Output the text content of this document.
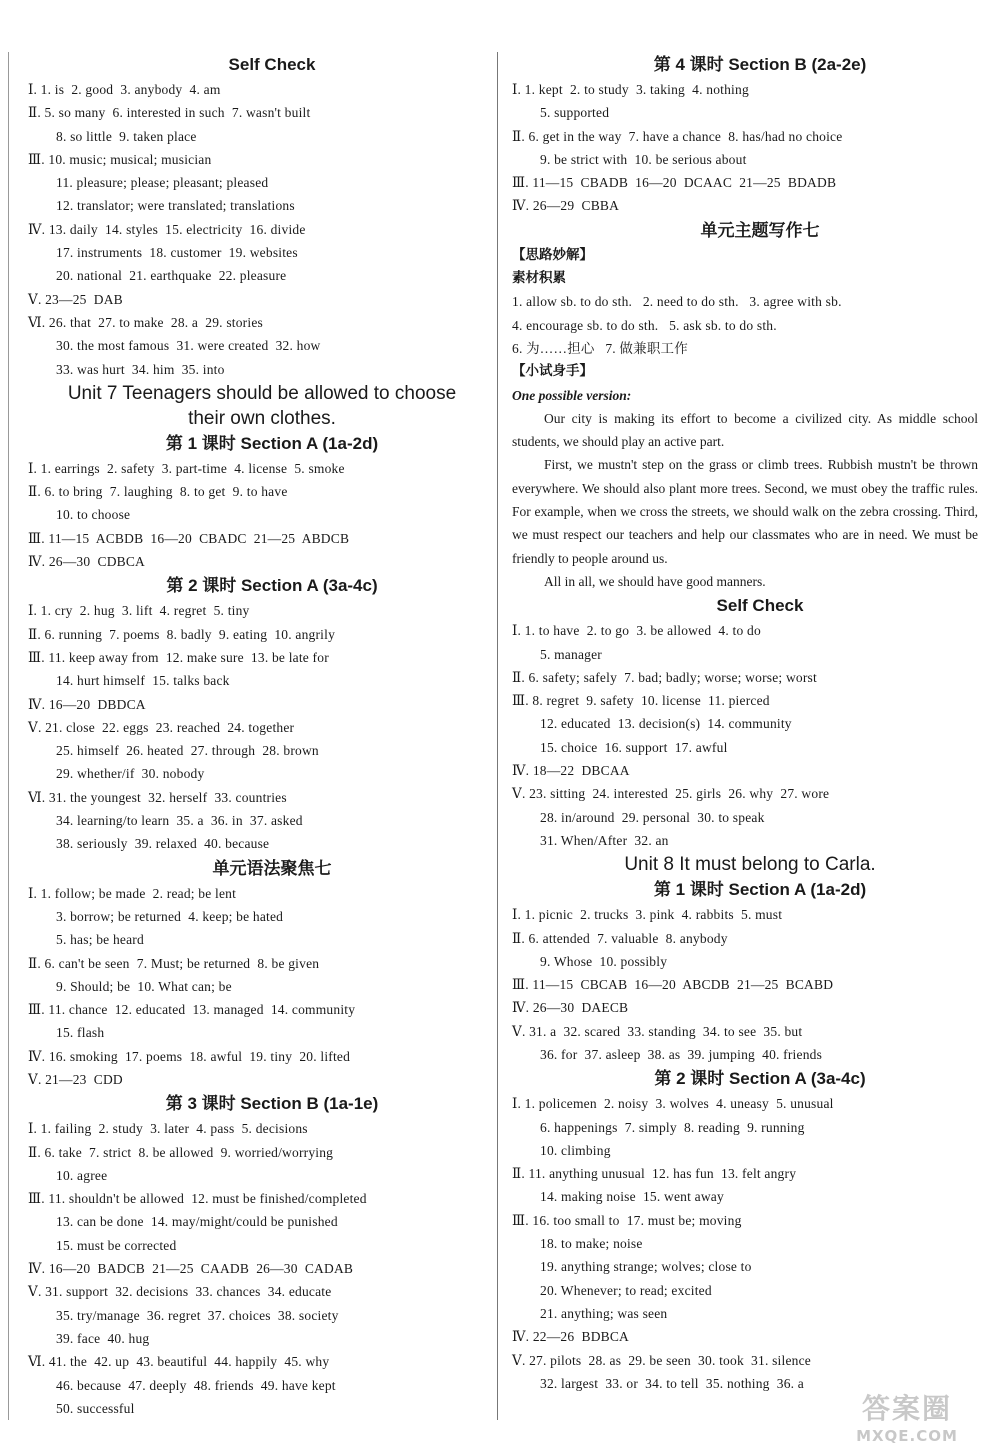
Self Check
Ⅰ. 1. is  2. good  3. anybody  4. am
Ⅱ. 5. so many  6. interested in such  7. wasn't built
8. so little  9. taken place
Ⅲ. 10. music; musical; musician
11. pleasure; please; pleasant; pleased
12. translator; were translated; translations
Ⅳ. 13. daily  14. styles  15. electricity  16. divide
17. instruments  18. customer  19. websites
20. national  21. earthquake  22. pleasure
Ⅴ. 23—25  DAB
Ⅵ. 26. that  27. to make  28. a  29. stories
30. the most famous  31. were created  32. how
33. was hurt  34. him  35. into
Unit 7 Teenagers should be allowed to choose
their own clothes.
第 1 课时 Section A (1a-2d)
Ⅰ. 1. earrings  2. safety  3. part-time  4. license  5. smoke
Ⅱ. 6. to bring  7. laughing  8. to get  9. to have
10. to choose
Ⅲ. 11—15  ACBDB  16—20  CBADC  21—25  ABDCB
Ⅳ. 26—30  CDBCA
第 2 课时 Section A (3a-4c)
Ⅰ. 1. cry  2. hug  3. lift  4. regret  5. tiny
Ⅱ. 6. running  7. poems  8. badly  9. eating  10. angrily
Ⅲ. 11. keep away from  12. make sure  13. be late for
14. hurt himself  15. talks back
Ⅳ. 16—20  DBDCA
Ⅴ. 21. close  22. eggs  23. reached  24. together
25. himself  26. heated  27. through  28. brown
29. whether/if  30. nobody
Ⅵ. 31. the youngest  32. herself  33. countries
34. learning/to learn  35. a  36. in  37. asked
38. seriously  39. relaxed  40. because
单元语法聚焦七
Ⅰ. 1. follow; be made  2. read; be lent
3. borrow; be returned  4. keep; be hated
5. has; be heard
Ⅱ. 6. can't be seen  7. Must; be returned  8. be given
9. Should; be  10. What can; be
Ⅲ. 11. chance  12. educated  13. managed  14. community
15. flash
Ⅳ. 16. smoking  17. poems  18. awful  19. tiny  20. lifted
Ⅴ. 21—23  CDD
第 3 课时 Section B (1a-1e)
Ⅰ. 1. failing  2. study  3. later  4. pass  5. decisions
Ⅱ. 6. take  7. strict  8. be allowed  9. worried/worrying
10. agree
Ⅲ. 11. shouldn't be allowed  12. must be finished/completed
13. can be done  14. may/might/could be punished
15. must be corrected
Ⅳ. 16—20  BADCB  21—25  CAADB  26—30  CADAB
Ⅴ. 31. support  32. decisions  33. chances  34. educate
35. try/manage  36. regret  37. choices  38. society
39. face  40. hug
Ⅵ. 41. the  42. up  43. beautiful  44. happily  45. why
46. because  47. deeply  48. friends  49. have kept
50. successful
第 4 课时 Section B (2a-2e)
Ⅰ. 1. kept  2. to study  3. taking  4. nothing
5. supported
Ⅱ. 6. get in the way  7. have a chance  8. has/had no choice
9. be strict with  10. be serious about
Ⅲ. 11—15  CBADB  16—20  DCAAC  21—25  BDADB
Ⅳ. 26—29  CBBA
单元主题写作七
【思路妙解】
素材积累
1. allow sb. to do sth.   2. need to do sth.   3. agree with sb.
4. encourage sb. to do sth.   5. ask sb. to do sth.
6. 为……担心   7. 做兼职工作
【小试身手】
One possible version:

Our city is making its effort to become a civilized city. As middle school students, we should play an active part.

First, we mustn't step on the grass or climb trees. Rubbish mustn't be thrown everywhere. We should also plant more trees. Second, we must obey the traffic rules. For example, when we cross the streets, we should walk on the zebra crossing. Third, we must respect our teachers and help our classmates who are in need. We must be friendly to people around us.

All in all, we should have good manners.

Self Check
Ⅰ. 1. to have  2. to go  3. be allowed  4. to do
5. manager
Ⅱ. 6. safety; safely  7. bad; badly; worse; worse; worst
Ⅲ. 8. regret  9. safety  10. license  11. pierced
12. educated  13. decision(s)  14. community
15. choice  16. support  17. awful
Ⅳ. 18—22  DBCAA
Ⅴ. 23. sitting  24. interested  25. girls  26. why  27. wore
28. in/around  29. personal  30. to speak
31. When/After  32. an
Unit 8 It must belong to Carla.
第 1 课时 Section A (1a-2d)
Ⅰ. 1. picnic  2. trucks  3. pink  4. rabbits  5. must
Ⅱ. 6. attended  7. valuable  8. anybody
9. Whose  10. possibly
Ⅲ. 11—15  CBCAB  16—20  ABCDB  21—25  BCABD
Ⅳ. 26—30  DAECB
Ⅴ. 31. a  32. scared  33. standing  34. to see  35. but
36. for  37. asleep  38. as  39. jumping  40. friends
第 2 课时 Section A (3a-4c)
Ⅰ. 1. policemen  2. noisy  3. wolves  4. uneasy  5. unusual
6. happenings  7. simply  8. reading  9. running
10. climbing
Ⅱ. 11. anything unusual  12. has fun  13. felt angry
14. making noise  15. went away
Ⅲ. 16. too small to  17. must be; moving
18. to make; noise
19. anything strange; wolves; close to
20. Whenever; to read; excited
21. anything; was seen
Ⅳ. 22—26  BDBCA
Ⅴ. 27. pilots  28. as  29. be seen  30. took  31. silence
32. largest  33. or  34. to tell  35. nothing  36. a
答案圈
MXQE.COM
